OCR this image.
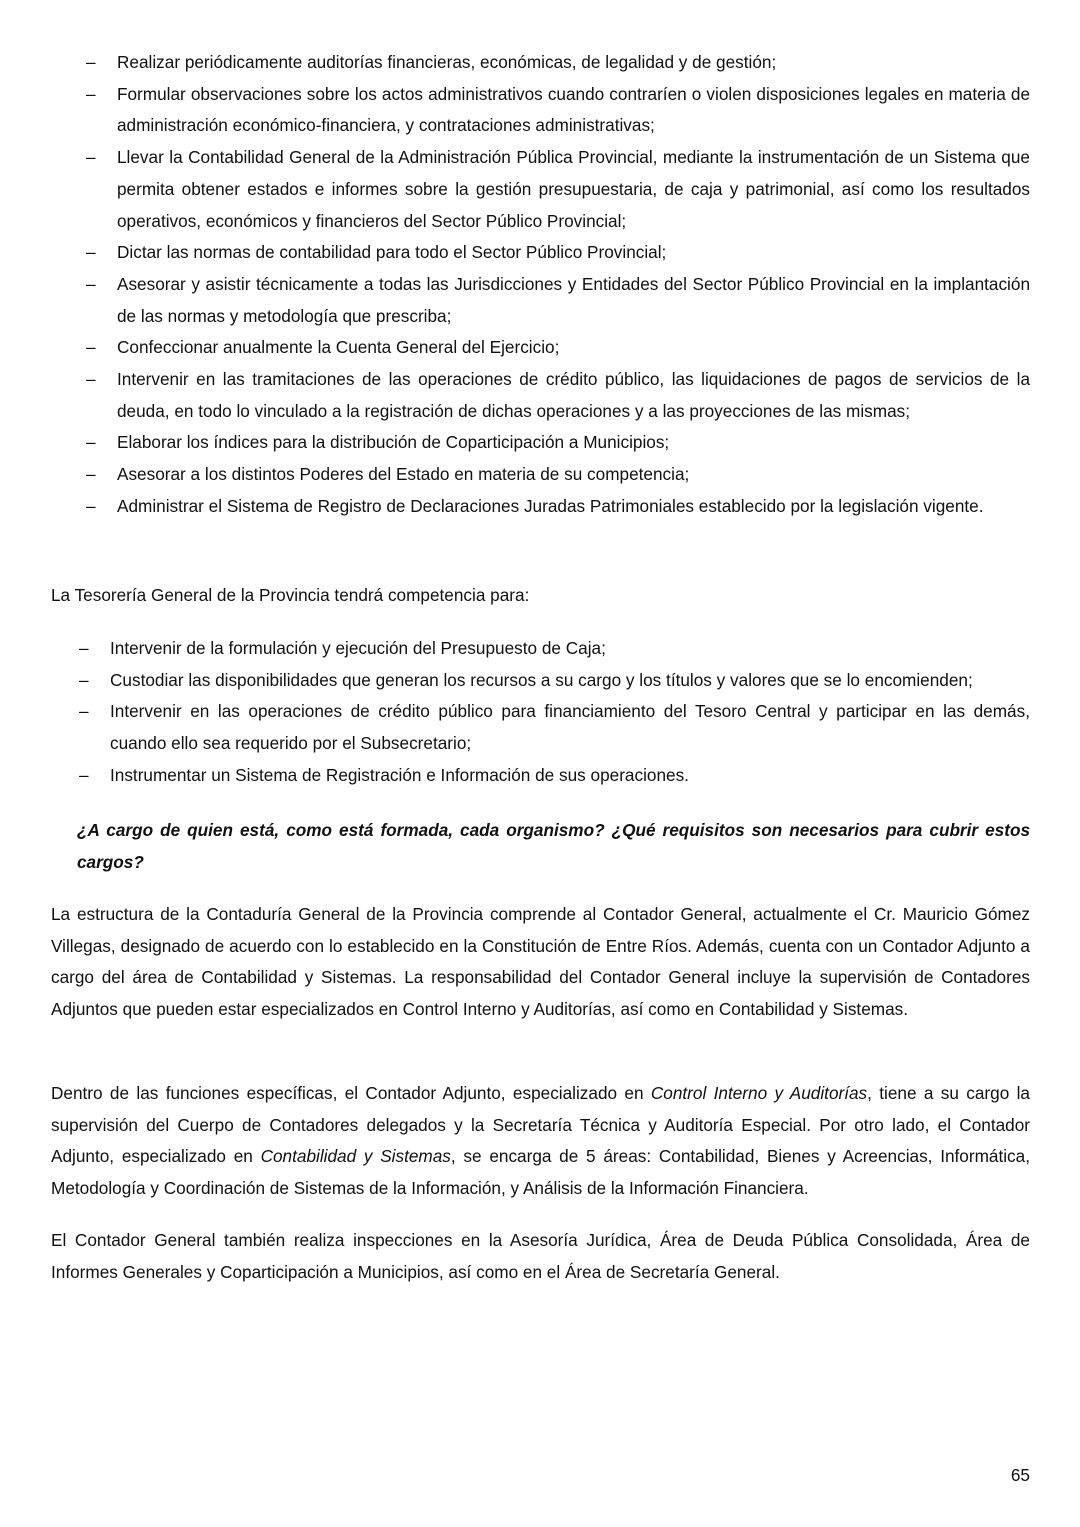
– Realizar periódicamente auditorías financieras, económicas, de legalidad y de gestión;
– Formular observaciones sobre los actos administrativos cuando contraríen o violen disposiciones legales en materia de administración económico-financiera, y contrataciones administrativas;
– Llevar la Contabilidad General de la Administración Pública Provincial, mediante la instrumentación de un Sistema que permita obtener estados e informes sobre la gestión presupuestaria, de caja y patrimonial, así como los resultados operativos, económicos y financieros del Sector Público Provincial;
– Dictar las normas de contabilidad para todo el Sector Público Provincial;
– Asesorar y asistir técnicamente a todas las Jurisdicciones y Entidades del Sector Público Provincial en la implantación de las normas y metodología que prescriba;
– Confeccionar anualmente la Cuenta General del Ejercicio;
– Intervenir en las tramitaciones de las operaciones de crédito público, las liquidaciones de pagos de servicios de la deuda, en todo lo vinculado a la registración de dichas operaciones y a las proyecciones de las mismas;
– Elaborar los índices para la distribución de Coparticipación a Municipios;
– Asesorar a los distintos Poderes del Estado en materia de su competencia;
– Administrar el Sistema de Registro de Declaraciones Juradas Patrimoniales establecido por la legislación vigente.

La Tesorería General de la Provincia tendrá competencia para:

– Intervenir de la formulación y ejecución del Presupuesto de Caja;
– Custodiar las disponibilidades que generan los recursos a su cargo y los títulos y valores que se lo encomienden;
– Intervenir en las operaciones de crédito público para financiamiento del Tesoro Central y participar en las demás, cuando ello sea requerido por el Subsecretario;
– Instrumentar un Sistema de Registración e Información de sus operaciones.

¿A cargo de quien está, como está formada, cada organismo? ¿Qué requisitos son necesarios para cubrir estos cargos?

La estructura de la Contaduría General de la Provincia comprende al Contador General, actualmente el Cr. Mauricio Gómez Villegas, designado de acuerdo con lo establecido en la Constitución de Entre Ríos. Además, cuenta con un Contador Adjunto a cargo del área de Contabilidad y Sistemas. La responsabilidad del Contador General incluye la supervisión de Contadores Adjuntos que pueden estar especializados en Control Interno y Auditorías, así como en Contabilidad y Sistemas.

Dentro de las funciones específicas, el Contador Adjunto, especializado en Control Interno y Auditorías, tiene a su cargo la supervisión del Cuerpo de Contadores delegados y la Secretaría Técnica y Auditoría Especial. Por otro lado, el Contador Adjunto, especializado en Contabilidad y Sistemas, se encarga de 5 áreas: Contabilidad, Bienes y Acreencias, Informática, Metodología y Coordinación de Sistemas de la Información, y Análisis de la Información Financiera.

El Contador General también realiza inspecciones en la Asesoría Jurídica, Área de Deuda Pública Consolidada, Área de Informes Generales y Coparticipación a Municipios, así como en el Área de Secretaría General.

65
